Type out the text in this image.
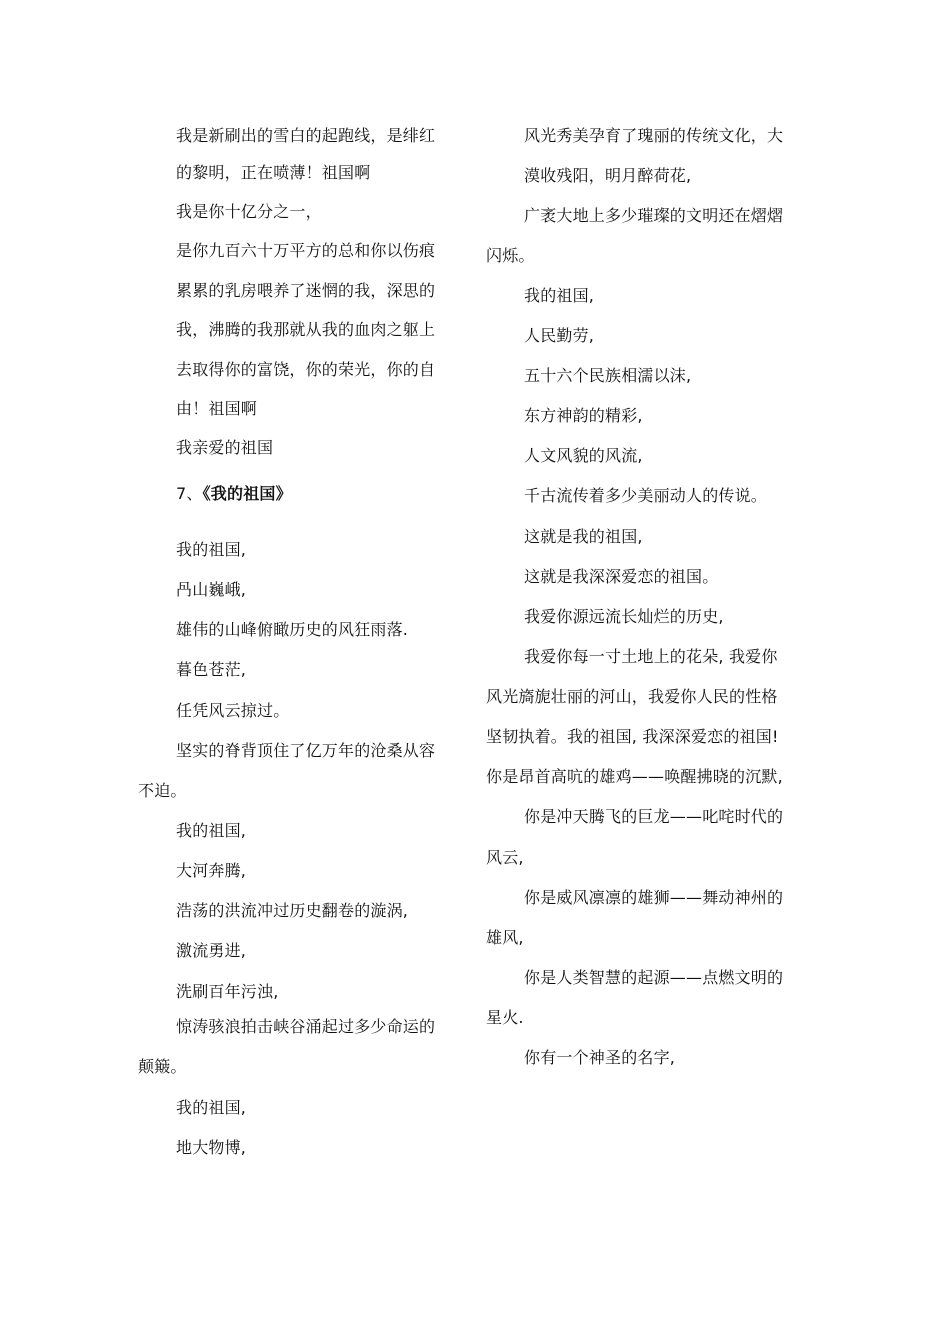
我是新刷出的雪白的起跑线，是绯红
的黎明，正在喷薄！祖国啊
我是你十亿分之一，
是你九百六十万平方的总和你以伤痕
累累的乳房喂养了迷惘的我，深思的
我，沸腾的我那就从我的血肉之躯上
去取得你的富饶，你的荣光，你的自
由！祖国啊
我亲爱的祖国
7、《我的祖国》
我的祖国,
冎山巍峨,
雄伟的山峰俯瞰历史的风狂雨落.
暮色苍茫,
任凭风云掠过。
坚实的脊背顶住了亿万年的沧桑从容
不迫。
我的祖国,
大河奔腾,
浩荡的洪流冲过历史翻卷的漩涡,
激流勇进,
洗刷百年污浊,
惊涛骇浪拍击峡谷涌起过多少命运的
颠簸。
我的祖国,
地大物博,
风光秀美孕育了瑰丽的传统文化，大
漠收残阳，明月醉荷花,
广袤大地上多少璀璨的文明还在熠熠
闪烁。
我的祖国,
人民勤劳,
五十六个民族相濡以沫,
东方神韵的精彩,
人文风貌的风流,
千古流传着多少美丽动人的传说。
这就是我的祖国,
这就是我深深爱恋的祖国。
我爱你源远流长灿烂的历史,
我爱你每一寸土地上的花朵, 我爱你
风光旖旎壮丽的河山，我爱你人民的性格
坚韧执着。我的祖国, 我深深爱恋的祖国!
你是昂首高吭的雄鸡——唤醒拂晓的沉默,
你是冲天腾飞的巨龙——叱咤时代的
风云,
你是威风凛凛的雄狮——舞动神州的
雄风,
你是人类智慧的起源——点燃文明的
星火.
你有一个神圣的名字,
